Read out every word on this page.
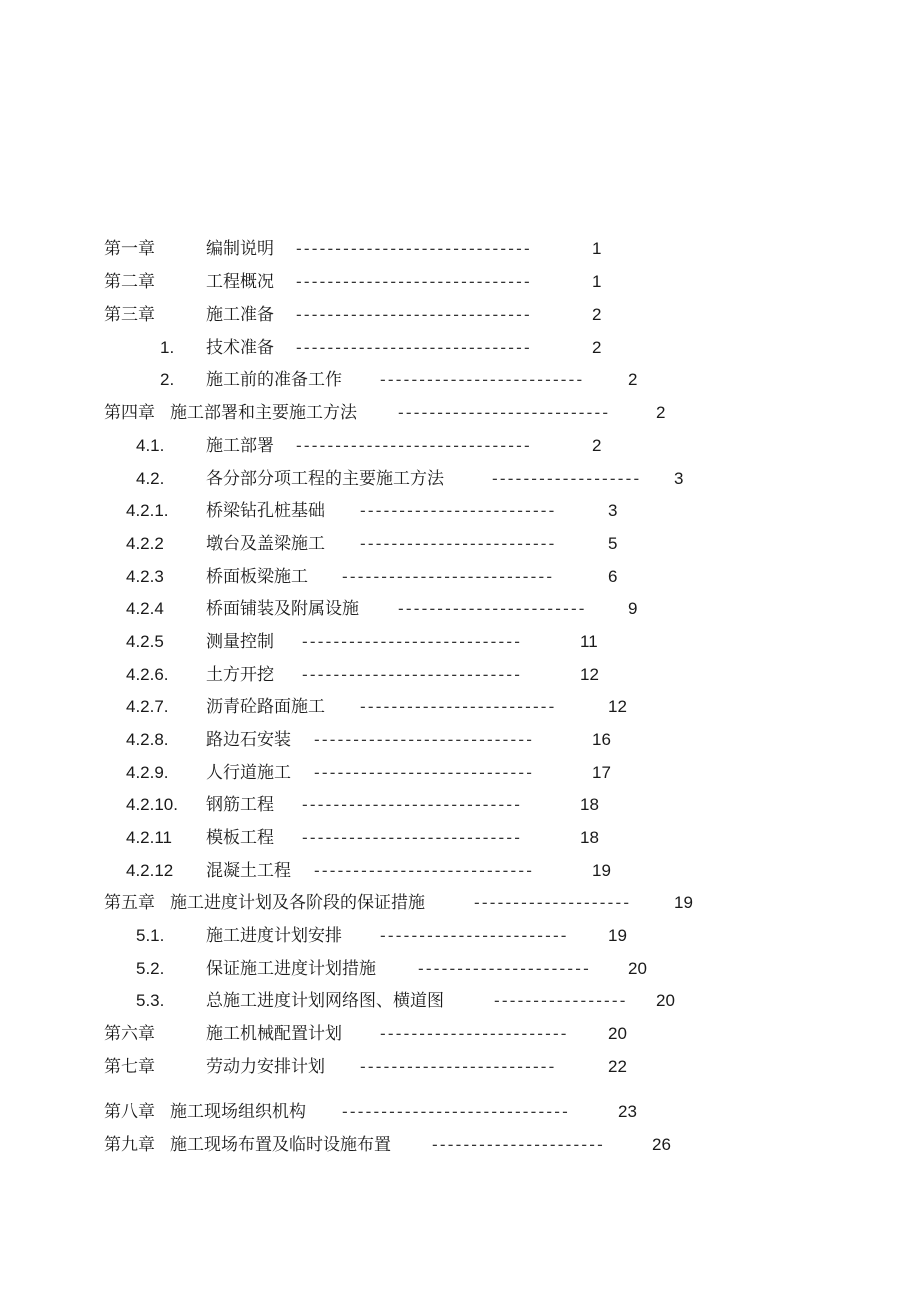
第一章	编制说明 ------------------------------	1
第二章	工程概况 ------------------------------	1
第三章	施工准备 ------------------------------	2
1. 技术准备 ------------------------------	2
2. 施工前的准备工作 --------------------------	2
第四章 施工部署和主要施工方法 ---------------------------	2
4.1. 施工部署 ------------------------------	2
4.2. 各分部分项工程的主要施工方法	------------------- 3
4.2.1. 桥梁钻孔桩基础 -------------------------	3
4.2.2 墩台及盖梁施工 -------------------------	5
4.2.3 桥面板梁施工 ---------------------------	6
4.2.4 桥面铺装及附属设施 ------------------------ 9
4.2.5 测量控制 ----------------------------	11
4.2.6. 土方开挖 ----------------------------	12
4.2.7. 沥青砼路面施工 -------------------------	12
4.2.8. 路边石安装 ----------------------------	16
4.2.9. 人行道施工 ----------------------------	17
4.2.10. 钢筋工程 ----------------------------	18
4.2.11 模板工程 ----------------------------	18
4.2.12 混凝土工程 ----------------------------	19
第五章 施工进度计划及各阶段的保证措施	--------------------	19
5.1. 施工进度计划安排 ------------------------ 19
5.2. 保证施工进度计划措施 ---------------------- 20
5.3. 总施工进度计划网络图、横道图	----------------- 20
第六章	施工机械配置计划 ------------------------ 20
第七章	劳动力安排计划 -------------------------	22
第八章 施工现场组织机构 -----------------------------	23
第九章 施工现场布置及临时设施布置 ----------------------	26
